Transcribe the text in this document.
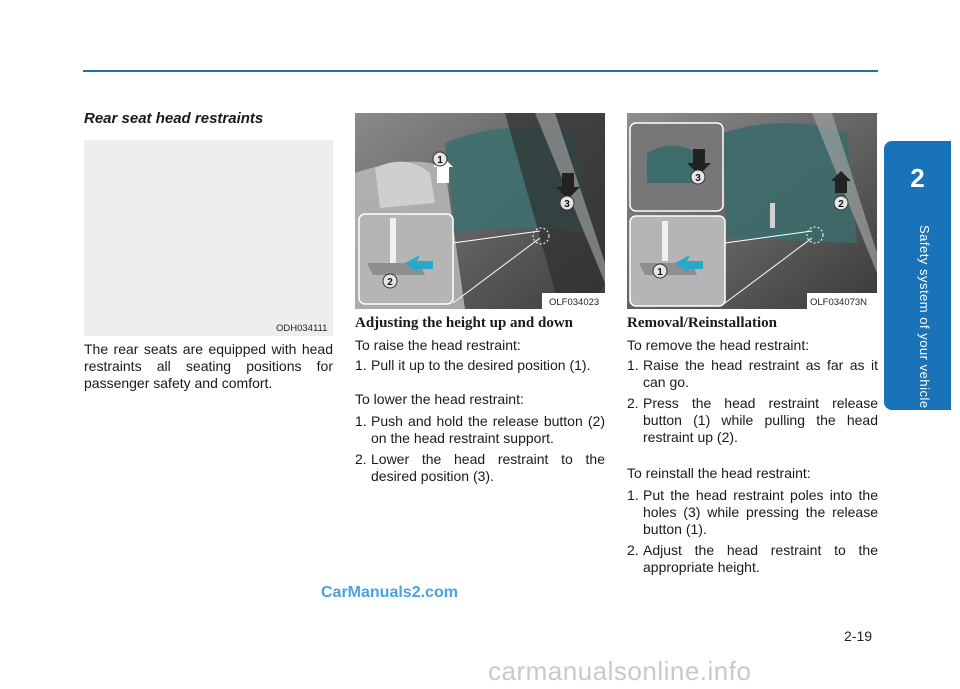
2
Safety system of your vehicle
Rear seat head restraints
ODH034111
The rear seats are equipped with head restraints all seating positions for passenger safety and comfort.
1
3
2
OLF034023
Adjusting the height up and down
To raise the head restraint:
1. Pull it up to the desired position (1).
To lower the head restraint:
1. Push and hold the release button (2) on the head restraint support.
2. Lower the head restraint to the desired position (3).
3
2
1
OLF034073N
Removal/Reinstallation
To remove the head restraint:
1. Raise the head restraint as far as it can go.
2. Press the head restraint release button (1) while pulling the head restraint up (2).
To reinstall the head restraint:
1. Put the head restraint poles into the holes (3) while pressing the release button (1).
2. Adjust the head restraint to the appropriate height.
CarManuals2.com
2-19
carmanualsonline.info
